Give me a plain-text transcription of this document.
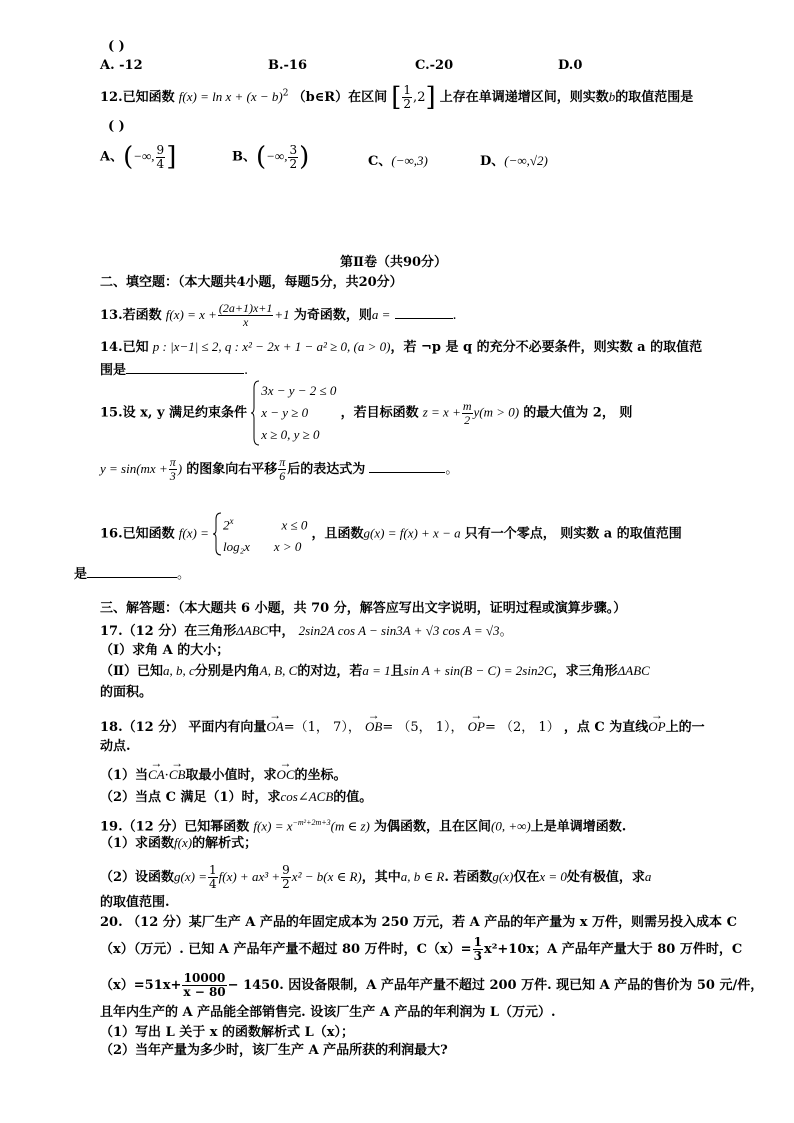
( )
A. -12	B.-16	C.-20	D.0
12.已知函数 $f(x) = \ln x + (x - b)^2$ （b∈R）在区间 [ $\frac{1}{2} ,2$] 上存在单调递增区间，则实数b的取值范围是
( )
A、(−∞, $\frac{9}{4}$ ]	B、(−∞, $\frac{3}{2}$ )	C、(−∞,3)	D、(−∞,√2)
第Ⅱ卷（共90分）
二、填空题：（本大题共4小题，每题5分，共20分）
13.若函数 $f(x) = x + \frac{(2a+1)x+1}{x} +1$ 为奇函数，则a =	.
14.已知 p : |x−1| ≤ 2, q : x² − 2x + 1 − a² ≥ 0, (a > 0)，若 ¬p 是 q 的充分不必要条件，则实数 a 的取值范
围是	.
15.设 x, y 满足约束条件
3x − y − 2 ≤ 0
x − y ≥ 0
x ≥ 0, y ≥ 0
，若目标函数 $z = x + \frac{m}{2} y(m > 0)$ 的最大值为 2， 则
$y = \sin(mx + \frac{\pi}{3}$ ) 的图象向右平移 $\frac{\pi}{6}$ 后的表达式为	。
16.已知函数 f(x) =
2$^x$	x ≤ 0
log₂x x > 0
，且函数g(x) = f(x) + x − a 只有一个零点， 则实数 a 的取值范围
是	。
三、解答题：（本大题共 6 小题，共 70 分，解答应写出文字说明，证明过程或演算步骤。）
17.（12 分）在三角形ΔABC中， 2sin2A cos A − sin3A + √3 cos A = √3。
（Ⅰ）求角 A 的大小；
（Ⅱ）已知a, b, c分别是内角A, B, C的对边，若a = 1且sin A + sin(B − C) = 2sin2C，求三角形ΔABC
的面积。
18.（12 分） 平面内有向量→ OA=（1， 7）， → OB= （5， 1）， → OP= （2， 1） ，点 C 为直线→ OP上的一
动点.
（1）当→ CA·→ CB取最小值时，求→ OC的坐标。
（2）当点 C 满足（1）时，求cos∠ACB的值。
19.（12 分）已知幂函数 $f(x) = x^{-m^2+2m+3}(m$ ∈ z) 为偶函数，且在区间(0, +∞)上是单调增函数.
（1）求函数f(x)的解析式；
（2）设函数$g(x) = \frac{1}{4} f(x) + ax^3 + \frac{9}{2} x^2 - b(x$ ∈ R)，其中a, b ∈ R. 若函数g(x)仅在x = 0处有极值，求a
的取值范围.
20. （12 分）某厂生产 A 产品的年固定成本为 250 万元，若 A 产品的年产量为 x 万件，则需另投入成本 C
（x）（万元）. 已知 A 产品年产量不超过 80 万件时，$C(x)= \frac{1}{3} x^2+10x$；A 产品年产量大于 80 万件时，C
$(x)=51x+ \frac{10000}{x - 80} - 1450$. 因设备限制，A 产品年产量不超过 200 万件. 现已知 A 产品的售价为 50 元/件，
且年内生产的 A 产品能全部销售完. 设该厂生产 A 产品的年利润为 L（万元）.
（1）写出 L 关于 x 的函数解析式 L（x）；
（2）当年产量为多少时，该厂生产 A 产品所获的利润最大?
